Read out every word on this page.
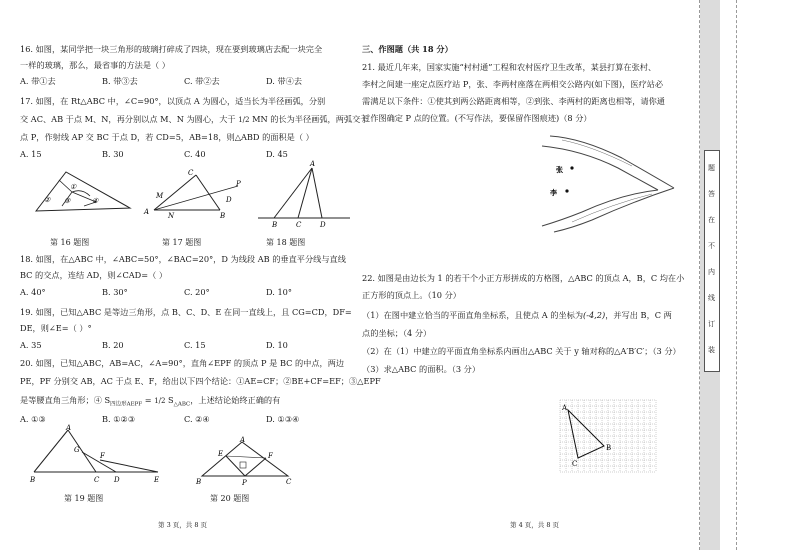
16. 如图，某同学把一块三角形的玻璃打碎成了四块，现在要到玻璃店去配一块完全
一样的玻璃，那么，最省事的方法是（ ）
A. 带①去	B. 带③去	C. 带②去	D. 带④去
17. 如图，在 Rt△ABC 中，∠C=90°，以顶点 A 为圆心，适当长为半径画弧，分别
交 AC、AB 于点 M、N，再分别以点 M、N 为圆心，大于 1/2 MN 的长为半径画弧，两弧交于
点 P，作射线 AP 交 BC 于点 D，若 CD=5，AB=18，则△ABD 的面积是（ ）
A. 15	B. 30	C. 40	D. 45
①
② ③	④
C
A	B
D
M
N
P
A
B	C	D
第 16 题图	第 17 题图	第 18 题图
18. 如图，在△ABC 中，∠ABC=50°，∠BAC=20°，D 为线段 AB 的垂直平分线与直线
BC 的交点，连结 AD，则∠CAD=（ ）
A. 40°	B. 30°	C. 20°	D. 10°
19. 如图，已知△ABC 是等边三角形，点 B、C、D、E 在同一直线上，且 CG=CD，DF=
DE，则∠E=（ ）°
A. 35	B. 20	C. 15	D. 10
20. 如图，已知△ABC，AB=AC，∠A=90°，直角∠EPF 的顶点 P 是 BC 的中点，两边
PE，PF 分别交 AB，AC 于点 E、F，给出以下四个结论：①AE=CF；②BE+CF=EF；③△EPF
是等腰直角三角形；④ $S_{四边形AEPF} = 1/2$ $S_{\triangle ABC}$，上述结论始终正确的有
A. ①③	B. ①②③	C. ②④	D. ①③④
A
B	C D	E
G
F
A
B	C
E	F
P
第 19 题图	第 20 题图
第 3 页，共 8 页
三、作图题（共 18 分）
21. 最近几年来，国家实施“村村通”工程和农村医疗卫生改革，某县打算在张村、
李村之间建一座定点医疗站 P，张、李两村座落在两相交公路内(如下图)，医疗站必
需满足以下条件：①使其到两公路距离相等，②到张、李两村的距离也相等，请你通
过作图确定 P 点的位置。(不写作法，要保留作图痕迹)（8 分）
张
李
22. 如图是由边长为 1 的若干个小正方形拼成的方格图，△ABC 的顶点 A，B，C 均在小
正方形的顶点上。（10 分）
（1）在图中建立恰当的平面直角坐标系，且使点 A 的坐标为(-4,2)，并写出 B，C 两
点的坐标；（4 分）
（2）在（1）中建立的平面直角坐标系内画出△ABC 关于 y 轴对称的△A′B′C′；（3 分）
（3）求△ABC 的面积。（3 分）
A
B
C
第 4 页，共 8 页
题
答
在
不
内
线
订
装
